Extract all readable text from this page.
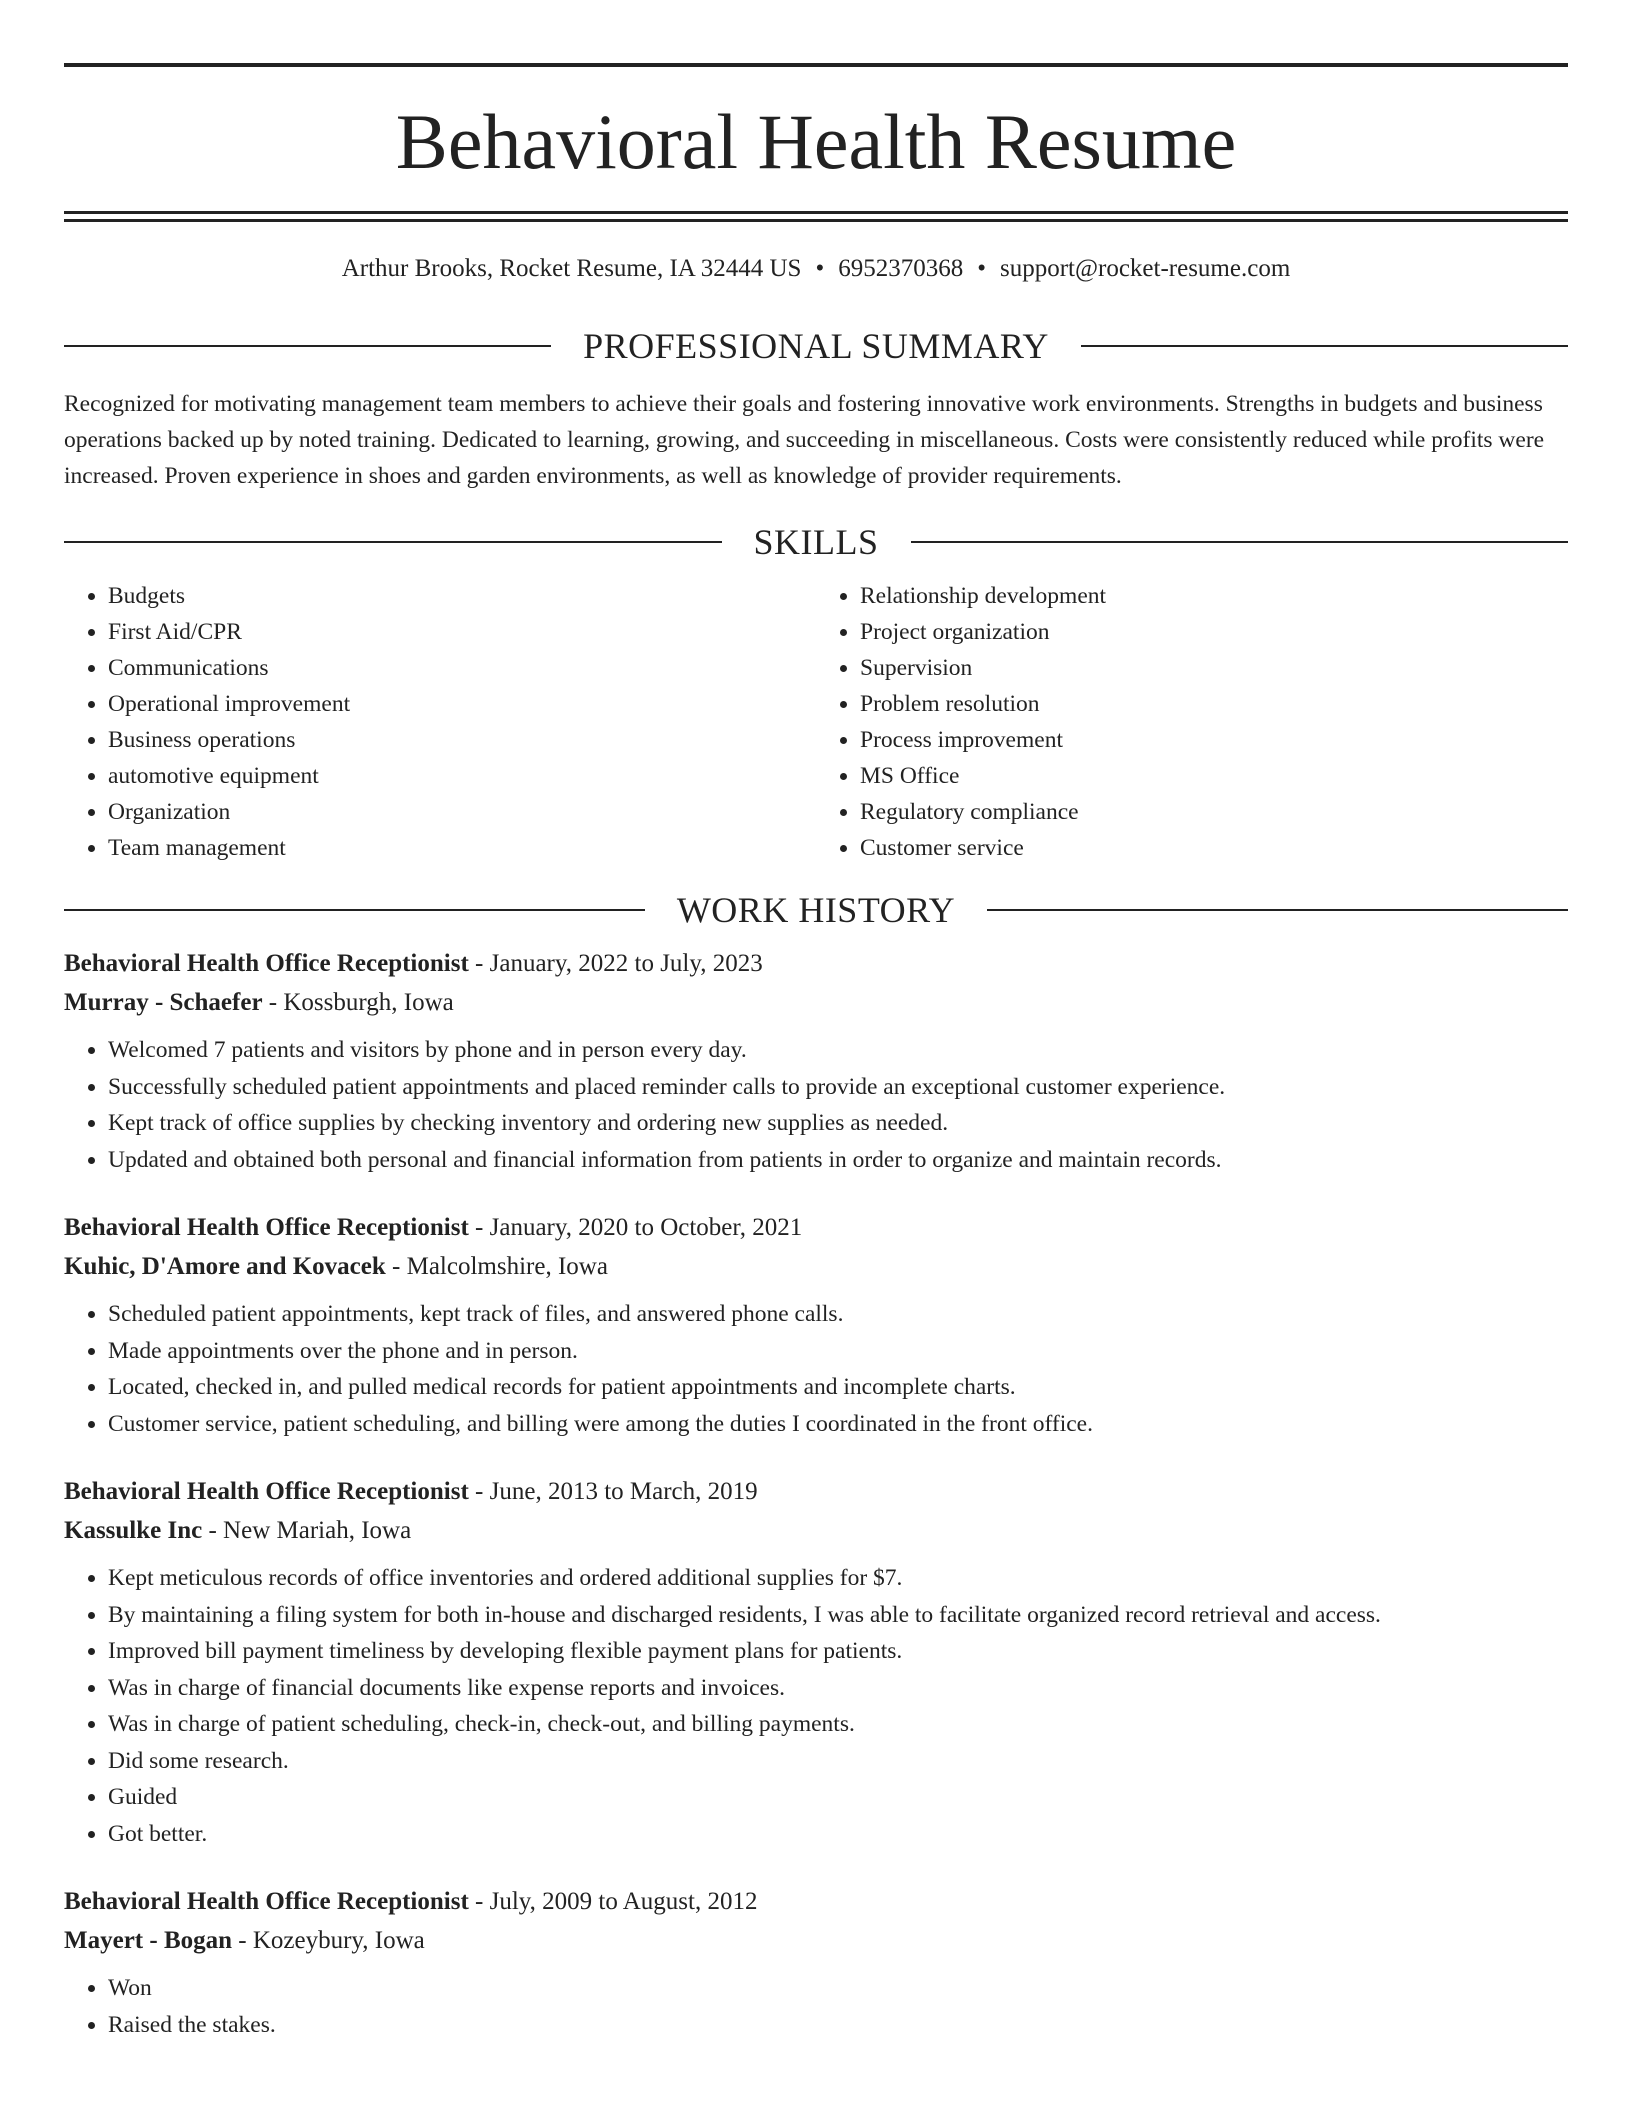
Behavioral Health Resume
Arthur Brooks, Rocket Resume, IA 32444 US • 6952370368 • support@rocket-resume.com
PROFESSIONAL SUMMARY
Recognized for motivating management team members to achieve their goals and fostering innovative work environments. Strengths in budgets and business operations backed up by noted training. Dedicated to learning, growing, and succeeding in miscellaneous. Costs were consistently reduced while profits were increased. Proven experience in shoes and garden environments, as well as knowledge of provider requirements.
SKILLS
• Budgets
• First Aid/CPR
• Communications
• Operational improvement
• Business operations
• automotive equipment
• Organization
• Team management
• Relationship development
• Project organization
• Supervision
• Problem resolution
• Process improvement
• MS Office
• Regulatory compliance
• Customer service
WORK HISTORY
Behavioral Health Office Receptionist - January, 2022 to July, 2023
Murray - Schaefer - Kossburgh, Iowa
• Welcomed 7 patients and visitors by phone and in person every day.
• Successfully scheduled patient appointments and placed reminder calls to provide an exceptional customer experience.
• Kept track of office supplies by checking inventory and ordering new supplies as needed.
• Updated and obtained both personal and financial information from patients in order to organize and maintain records.
Behavioral Health Office Receptionist - January, 2020 to October, 2021
Kuhic, D'Amore and Kovacek - Malcolmshire, Iowa
• Scheduled patient appointments, kept track of files, and answered phone calls.
• Made appointments over the phone and in person.
• Located, checked in, and pulled medical records for patient appointments and incomplete charts.
• Customer service, patient scheduling, and billing were among the duties I coordinated in the front office.
Behavioral Health Office Receptionist - June, 2013 to March, 2019
Kassulke Inc - New Mariah, Iowa
• Kept meticulous records of office inventories and ordered additional supplies for $7.
• By maintaining a filing system for both in-house and discharged residents, I was able to facilitate organized record retrieval and access.
• Improved bill payment timeliness by developing flexible payment plans for patients.
• Was in charge of financial documents like expense reports and invoices.
• Was in charge of patient scheduling, check-in, check-out, and billing payments.
• Did some research.
• Guided
• Got better.
Behavioral Health Office Receptionist - July, 2009 to August, 2012
Mayert - Bogan - Kozeybury, Iowa
• Won
• Raised the stakes.
